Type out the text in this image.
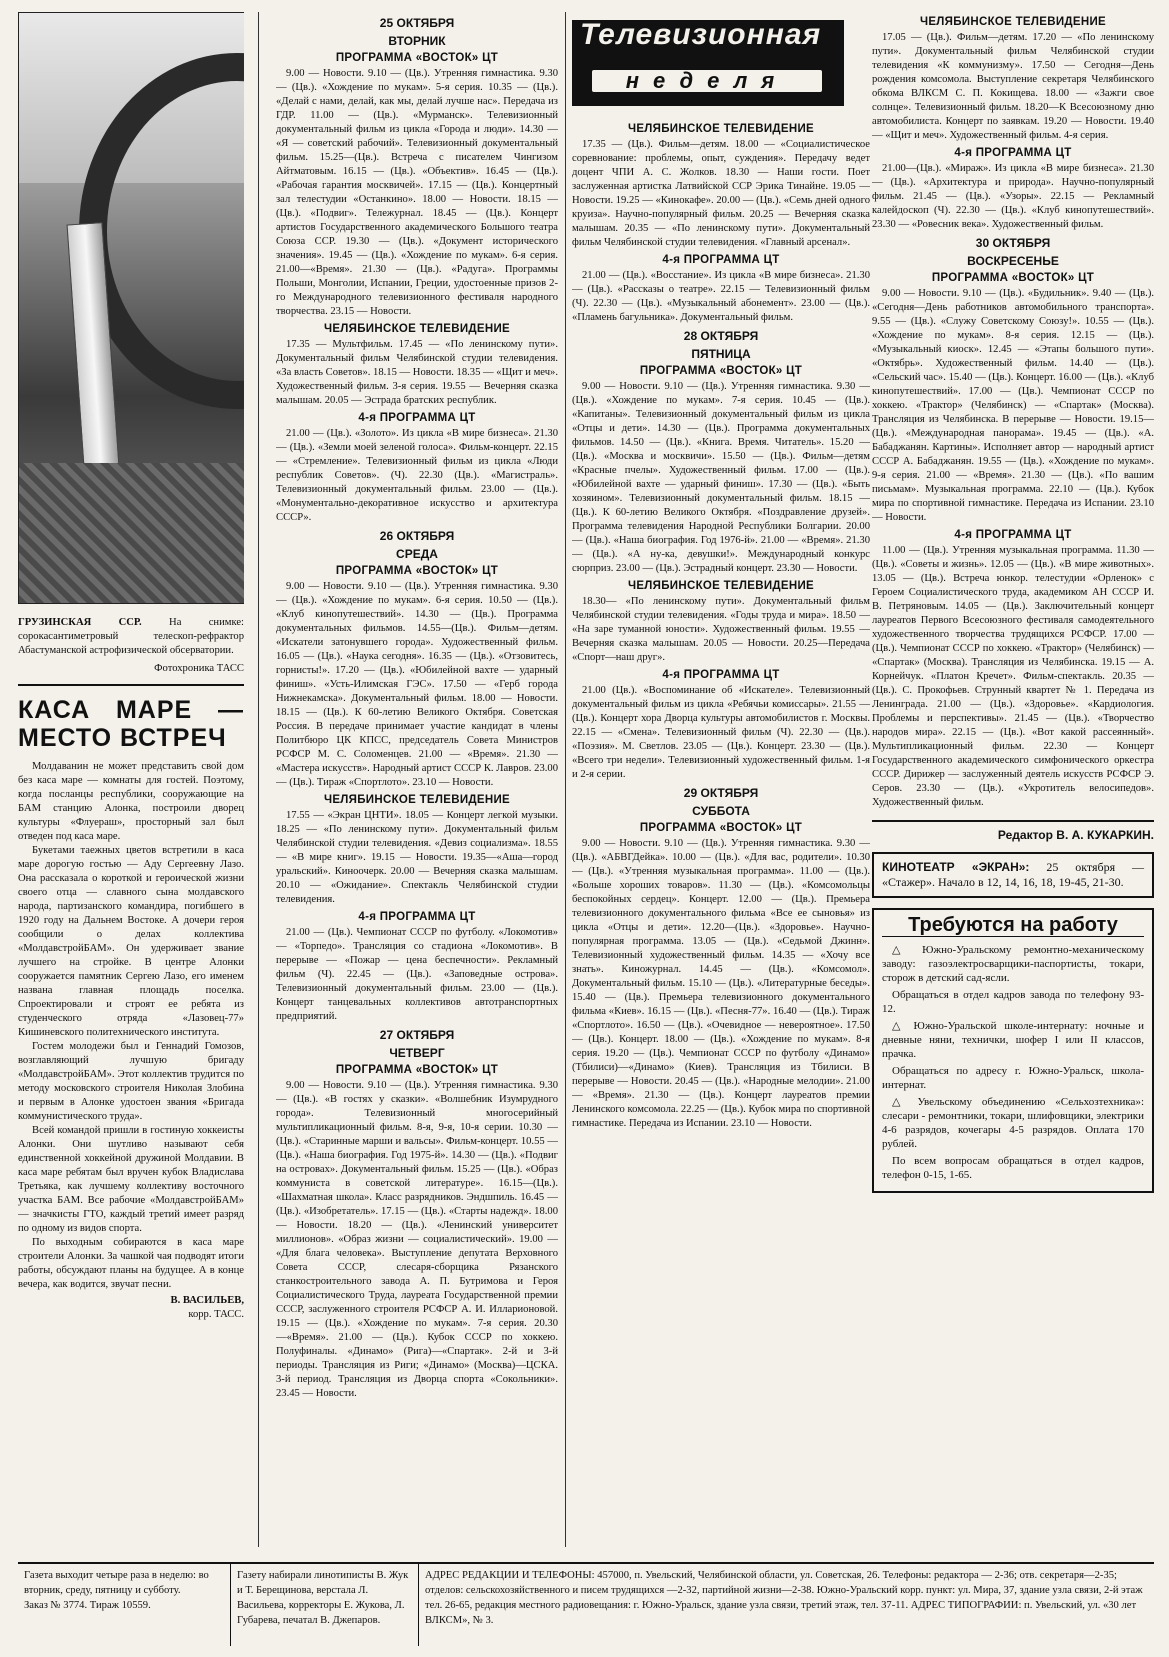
ГРУЗИНСКАЯ ССР.	На снимке: сорокасантиметровый телескоп-рефрактор Абастуманской астрофизической обсерватории.
Фотохроника ТАСС
КАСА МАРЕ — МЕСТО ВСТРЕЧ

Молдаванин не может представить свой дом без каса маре — комнаты для гостей. Поэтому, когда посланцы республики, сооружающие на БАМ станцию Алонка, построили дворец культуры «Флуераш», просторный зал был отведен под каса маре.

Букетами таежных цветов встретили в каса маре дорогую гостью — Аду Сергеевну Лазо. Она рассказала о короткой и героической жизни своего отца — славного сына молдавского народа, партизанского командира, погибшего в 1920 году на Дальнем Востоке. А дочери героя сообщили о делах коллектива «МолдавстройБАМ». Он удерживает звание лучшего на стройке. В центре Алонки сооружается памятник Сергею Лазо, его именем названа главная площадь поселка. Спроектировали и строят ее ребята из студенческого отряда «Лазовец-77» Кишиневского политехнического института.

Гостем молодежи был и Геннадий Гомозов, возглавляющий лучшую бригаду «МолдавстройБАМ». Этот коллектив трудится по методу московского строителя Николая Злобина и первым в Алонке удостоен звания «Бригада коммунистического труда».

Всей командой пришли в гостиную хоккеисты Алонки. Они шутливо называют себя единственной хоккейной дружиной Молдавии. В каса маре ребятам был вручен кубок Владислава Третьяка, как лучшему коллективу восточного участка БАМ. Все рабочие «МолдавстройБАМ» — значкисты ГТО, каждый третий имеет разряд по одному из видов спорта.

По выходным собираются в каса маре строители Алонки. За чашкой чая подводят итоги работы, обсуждают планы на будущее. А в конце вечера, как водится, звучат песни.

В. ВАСИЛЬЕВ,
корр. ТАСС.
25 ОКТЯБРЯ
ВТОРНИК
ПРОГРАММА «ВОСТОК» ЦТ

9.00 — Новости. 9.10 — (Цв.). Утренняя гимнастика. 9.30 — (Цв.). «Хождение по мукам». 5-я серия. 10.35 — (Цв.). «Делай с нами, делай, как мы, делай лучше нас». Передача из ГДР. 11.00 — (Цв.). «Мурманск». Телевизионный документальный фильм из цикла «Города и люди». 14.30 — «Я — советский рабочий». Телевизионный документальный фильм. 15.25—(Цв.). Встреча с писателем Чингизом Айтматовым. 16.15 — (Цв.). «Объектив». 16.45 — (Цв.). «Рабочая гарантия москвичей». 17.15 — (Цв.). Концертный зал телестудии «Останкино». 18.00 — Новости. 18.15 — (Цв.). «Подвиг». Тележурнал. 18.45 — (Цв.). Концерт артистов Государственного академического Большого театра Союза ССР. 19.30 — (Цв.). «Документ исторического значения». 19.45 — (Цв.). «Хождение по мукам». 6-я серия. 21.00—«Время». 21.30 — (Цв.). «Радуга». Программы Польши, Монголии, Испании, Греции, удостоенные призов 2-го Международного телевизионного фестиваля народного творчества. 23.15 — Новости.

ЧЕЛЯБИНСКОЕ ТЕЛЕВИДЕНИЕ

17.35 — Мультфильм. 17.45 — «По ленинскому пути». Документальный фильм Челябинской студии телевидения. «За власть Советов». 18.15 — Новости. 18.35 — «Щит и меч». Художественный фильм. 3-я серия. 19.55 — Вечерняя сказка малышам. 20.05 — Эстрада братских республик.

4-я ПРОГРАММА ЦТ

21.00 — (Цв.). «Золото». Из цикла «В мире бизнеса». 21.30 — (Цв.). «Земли моей зеленой голоса». Фильм-концерт. 22.15 — «Стремление». Телевизионный фильм из цикла «Люди республик Советов». (Ч). 22.30 (Цв.). «Магистраль». Телевизионный документальный фильм. 23.00 — (Цв.). «Монументально-декоративное искусство и архитектура СССР».

26 ОКТЯБРЯ
СРЕДА
ПРОГРАММА «ВОСТОК» ЦТ

9.00 — Новости. 9.10 — (Цв.). Утренняя гимнастика. 9.30 — (Цв.). «Хождение по мукам». 6-я серия. 10.50 — (Цв.). «Клуб кинопутешествий». 14.30 — (Цв.). Программа документальных фильмов. 14.55—(Цв.). Фильм—детям. «Искатели затонувшего города». Художественный фильм. 16.05 — (Цв.). «Наука сегодня». 16.35 — (Цв.). «Отзовитесь, горнисты!». 17.20 — (Цв.). «Юбилейной вахте — ударный финиш». «Усть-Илимская ГЭС». 17.50 — «Герб города Нижнекамска». Документальный фильм. 18.00 — Новости. 18.15 — (Цв.). К 60-летию Великого Октября. Советская Россия. В передаче принимает участие кандидат в члены Политбюро ЦК КПСС, председатель Совета Министров РСФСР М. С. Соломенцев. 21.00 — «Время». 21.30 — «Мастера искусств». Народный артист СССР К. Лавров. 23.00 — (Цв.). Тираж «Спортлото». 23.10 — Новости.

ЧЕЛЯБИНСКОЕ ТЕЛЕВИДЕНИЕ

17.55 — «Экран ЦНТИ». 18.05 — Концерт легкой музыки. 18.25 — «По ленинскому пути». Документальный фильм Челябинской студии телевидения. «Девиз социализма». 18.55 — «В мире книг». 19.15 — Новости. 19.35—«Аша—город уральский». Киноочерк. 20.00 — Вечерняя сказка малышам. 20.10 — «Ожидание». Спектакль Челябинской студии телевидения.

4-я ПРОГРАММА ЦТ

21.00 — (Цв.). Чемпионат СССР по футболу. «Локомотив» — «Торпедо». Трансляция со стадиона «Локомотив». В перерыве — «Пожар — цена беспечности». Рекламный фильм (Ч). 22.45 — (Цв.). «Заповедные острова». Телевизионный документальный фильм. 23.00 — (Цв.). Концерт танцевальных коллективов автотранспортных предприятий.

27 ОКТЯБРЯ
ЧЕТВЕРГ
ПРОГРАММА «ВОСТОК» ЦТ

9.00 — Новости. 9.10 — (Цв.). Утренняя гимнастика. 9.30 — (Цв.). «В гостях у сказки». «Волшебник Изумрудного города». Телевизионный многосерийный мультипликационный фильм. 8-я, 9-я, 10-я серии. 10.30 — (Цв.). «Старинные марши и вальсы». Фильм-концерт. 10.55 — (Цв.). «Наша биография. Год 1975-й». 14.30 — (Цв.). «Подвиг на островах». Документальный фильм. 15.25 — (Цв.). «Образ коммуниста в советской литературе». 16.15—(Цв.). «Шахматная школа». Класс разрядников. Эндшпиль. 16.45 — (Цв.). «Изобретатель». 17.15 — (Цв.). «Старты надежд». 18.00 — Новости. 18.20 — (Цв.). «Ленинский университет миллионов». «Образ жизни — социалистический». 19.00 — «Для блага человека». Выступление депутата Верховного Совета СССР, слесаря-сборщика Рязанского станкостроительного завода А. П. Бутримова и Героя Социалистического Труда, лауреата Государственной премии СССР, заслуженного строителя РСФСР А. И. Илларионовой. 19.15 — (Цв.). «Хождение по мукам». 7-я серия. 20.30—«Время». 21.00 — (Цв.). Кубок СССР по хоккею. Полуфиналы. «Динамо» (Рига)—«Спартак». 2-й и 3-й периоды. Трансляция из Риги; «Динамо» (Москва)—ЦСКА. 3-й период. Трансляция из Дворца спорта «Сокольники». 23.45 — Новости.

Телевизионная
неделя
ЧЕЛЯБИНСКОЕ ТЕЛЕВИДЕНИЕ

17.35 — (Цв.). Фильм—детям. 18.00 — «Социалистическое соревнование: проблемы, опыт, суждения». Передачу ведет доцент ЧПИ А. С. Жолков. 18.30 — Наши гости. Поет заслуженная артистка Латвийской ССР Эрика Тинайне. 19.05 — Новости. 19.25 — «Кинокафе». 20.00 — (Цв.). «Семь дней одного круиза». Научно-популярный фильм. 20.25 — Вечерняя сказка малышам. 20.35 — «По ленинскому пути». Документальный фильм Челябинской студии телевидения. «Главный арсенал».

4-я ПРОГРАММА ЦТ

21.00 — (Цв.). «Восстание». Из цикла «В мире бизнеса». 21.30 — (Цв.). «Рассказы о театре». 22.15 — Телевизионный фильм (Ч). 22.30 — (Цв.). «Музыкальный абонемент». 23.00 — (Цв.). «Пламень багульника». Документальный фильм.

28 ОКТЯБРЯ
ПЯТНИЦА
ПРОГРАММА «ВОСТОК» ЦТ

9.00 — Новости. 9.10 — (Цв.). Утренняя гимнастика. 9.30 — (Цв.). «Хождение по мукам». 7-я серия. 10.45 — (Цв.). «Капитаны». Телевизионный документальный фильм из цикла «Отцы и дети». 14.30 — (Цв.). Программа документальных фильмов. 14.50 — (Цв.). «Книга. Время. Читатель». 15.20 — (Цв.). «Москва и москвичи». 15.50 — (Цв.). Фильм—детям «Красные пчелы». Художественный фильм. 17.00 — (Цв.). «Юбилейной вахте — ударный финиш». 17.30 — (Цв.). «Быть хозяином». Телевизионный документальный фильм. 18.15 — (Цв.). К 60-летию Великого Октября. «Поздравление друзей». Программа телевидения Народной Республики Болгарии. 20.00 — (Цв.). «Наша биография. Год 1976-й». 21.00 — «Время». 21.30 — (Цв.). «А ну-ка, девушки!». Международный конкурс сюрприз. 23.00 — (Цв.). Эстрадный концерт. 23.30 — Новости.

ЧЕЛЯБИНСКОЕ ТЕЛЕВИДЕНИЕ

18.30— «По ленинскому пути». Документальный фильм Челябинской студии телевидения. «Годы труда и мира». 18.50 — «На заре туманной юности». Художественный фильм. 19.55 — Вечерняя сказка малышам. 20.05 — Новости. 20.25—Передача «Спорт—наш друг».

4-я ПРОГРАММА ЦТ

21.00 (Цв.). «Воспоминание об «Искателе». Телевизионный документальный фильм из цикла «Ребячьи комиссары». 21.55 — (Цв.). Концерт хора Дворца культуры автомобилистов г. Москвы. 22.15 — «Смена». Телевизионный фильм (Ч). 22.30 — (Цв.). «Поэзия». М. Светлов. 23.05 — (Цв.). Концерт. 23.30 — (Цв.). «Всего три недели». Телевизионный художественный фильм. 1-я и 2-я серии.

29 ОКТЯБРЯ
СУББОТА
ПРОГРАММА «ВОСТОК» ЦТ

9.00 — Новости. 9.10 — (Цв.). Утренняя гимнастика. 9.30 — (Цв.). «АБВГДейка». 10.00 — (Цв.). «Для вас, родители». 10.30 — (Цв.). «Утренняя музыкальная программа». 11.00 — (Цв.). «Больше хороших товаров». 11.30 — (Цв.). «Комсомольцы беспокойных сердец». Концерт. 12.00 — (Цв.). Премьера телевизионного документального фильма «Все ее сыновья» из цикла «Отцы и дети». 12.20—(Цв.). «Здоровье». Научно-популярная программа. 13.05 — (Цв.). «Седьмой Джинн». Телевизионный художественный фильм. 14.35 — «Хочу все знать». Киножурнал. 14.45 — (Цв.). «Комсомол». Документальный фильм. 15.10 — (Цв.). «Литературные беседы». 15.40 — (Цв.). Премьера телевизионного документального фильма «Киев». 16.15 — (Цв.). «Песня-77». 16.40 — (Цв.). Тираж «Спортлото». 16.50 — (Цв.). «Очевидное — невероятное». 17.50 — (Цв.). Концерт. 18.00 — (Цв.). «Хождение по мукам». 8-я серия. 19.20 — (Цв.). Чемпионат СССР по футболу «Динамо» (Тбилиси)—«Динамо» (Киев). Трансляция из Тбилиси. В перерыве — Новости. 20.45 — (Цв.). «Народные мелодии». 21.00 — «Время». 21.30 — (Цв.). Концерт лауреатов премии Ленинского комсомола. 22.25 — (Цв.). Кубок мира по спортивной гимнастике. Передача из Испании. 23.10 — Новости.

ЧЕЛЯБИНСКОЕ ТЕЛЕВИДЕНИЕ

17.05 — (Цв.). Фильм—детям. 17.20 — «По ленинскому пути». Документальный фильм Челябинской студии телевидения «К коммунизму». 17.50 — Сегодня—День рождения комсомола. Выступление секретаря Челябинского обкома ВЛКСМ С. П. Кокищева. 18.00 — «Зажги свое солнце». Телевизионный фильм. 18.20—К Всесоюзному дню автомобилиста. Концерт по заявкам. 19.20 — Новости. 19.40 — «Щит и меч». Художественный фильм. 4-я серия.

4-я ПРОГРАММА ЦТ

21.00—(Цв.). «Мираж». Из цикла «В мире бизнеса». 21.30 — (Цв.). «Архитектура и природа». Научно-популярный фильм. 21.45 — (Цв.). «Узоры». 22.15 — Рекламный калейдоскоп (Ч). 22.30 — (Цв.). «Клуб кинопутешествий». 23.30 — «Ровесник века». Художественный фильм.

30 ОКТЯБРЯ
ВОСКРЕСЕНЬЕ
ПРОГРАММА «ВОСТОК» ЦТ

9.00 — Новости. 9.10 — (Цв.). «Будильник». 9.40 — (Цв.). «Сегодня—День работников автомобильного транспорта». 9.55 — (Цв.). «Служу Советскому Союзу!». 10.55 — (Цв.). «Хождение по мукам». 8-я серия. 12.15 — (Цв.). «Музыкальный киоск». 12.45 — «Этапы большого пути». «Октябрь». Художественный фильм. 14.40 — (Цв.). «Сельский час». 15.40 — (Цв.). Концерт. 16.00 — (Цв.). «Клуб кинопутешествий». 17.00 — (Цв.). Чемпионат СССР по хоккею. «Трактор» (Челябинск) — «Спартак» (Москва). Трансляция из Челябинска. В перерыве — Новости. 19.15—(Цв.). «Международная панорама». 19.45 — (Цв.). «А. Бабаджанян. Картины». Исполняет автор — народный артист СССР А. Бабаджанян. 19.55 — (Цв.). «Хождение по мукам». 9-я серия. 21.00 — «Время». 21.30 — (Цв.). «По вашим письмам». Музыкальная программа. 22.10 — (Цв.). Кубок мира по спортивной гимнастике. Передача из Испании. 23.10 — Новости.

4-я ПРОГРАММА ЦТ

11.00 — (Цв.). Утренняя музыкальная программа. 11.30 — (Цв.). «Советы и жизнь». 12.05 — (Цв.). «В мире животных». 13.05 — (Цв.). Встреча юнкор. телестудии «Орленок» с Героем Социалистического труда, академиком АН СССР И. В. Петряновым. 14.05 — (Цв.). Заключительный концерт лауреатов Первого Всесоюзного фестиваля самодеятельного художественного творчества трудящихся РСФСР. 17.00 — (Цв.). Чемпионат СССР по хоккею. «Трактор» (Челябинск) — «Спартак» (Москва). Трансляция из Челябинска. 19.15 — А. Корнейчук. «Платон Кречет». Фильм-спектакль. 20.35 — (Цв.). С. Прокофьев. Струнный квартет № 1. Передача из Ленинграда. 21.00 — (Цв.). «Здоровье». «Кардиология. Проблемы и перспективы». 21.45 — (Цв.). «Творчество народов мира». 22.15 — (Цв.). «Вот какой рассеянный». Мультипликационный фильм. 22.30 — Концерт Государственного академического симфонического оркестра СССР. Дирижер — заслуженный деятель искусств РСФСР Э. Серов. 23.30 — (Цв.). «Укротитель велосипедов». Художественный фильм.

Редактор В. А. КУКАРКИН.
КИНОТЕАТР «ЭКРАН»: 25 октября — «Стажер». Начало в 12, 14, 16, 18, 19-45, 21-30.
Требуются на работу

△ Южно-Уральскому ремонтно-механическому заводу: газоэлектросварщики-паспортисты, токари, сторож в детский сад-ясли.

Обращаться в отдел кадров завода по телефону 93-12.

△ Южно-Уральской школе-интернату: ночные и дневные няни, технички, шофер I или II классов, прачка.

Обращаться по адресу г. Южно-Уральск, школа-интернат.

△ Увельскому объединению «Сельхозтехника»: слесари - ремонтники, токари, шлифовщики, электрики 4-6 разрядов, кочегары 4-5 разрядов. Оплата 170 рублей.

По всем вопросам обращаться в отдел кадров, телефон 0-15, 1-65.

Газета выходит четыре раза в неделю: во вторник, среду, пятницу и субботу.
Заказ № 3774. Тираж 10559.
Газету набирали линотиписты В. Жук и Т. Берещинова, верстала Л. Васильева, корректоры Е. Жукова, Л. Губарева, печатал В. Джепаров.
АДРЕС РЕДАКЦИИ И ТЕЛЕФОНЫ: 457000, п. Увельский, Челябинской области, ул. Советская, 26. Телефоны: редактора — 2-36; отв. секретаря—2-35; отделов: сельскохозяйственного и писем трудящихся —2-32, партийной жизни—2-38. Южно-Уральский корр. пункт: ул. Мира, 37, здание узла связи, 2-й этаж тел. 26-65, редакция местного радиовещания: г. Южно-Уральск, здание узла связи, третий этаж, тел. 37-11. АДРЕС ТИПОГРАФИИ: п. Увельский, ул. «30 лет ВЛКСМ», № 3.
